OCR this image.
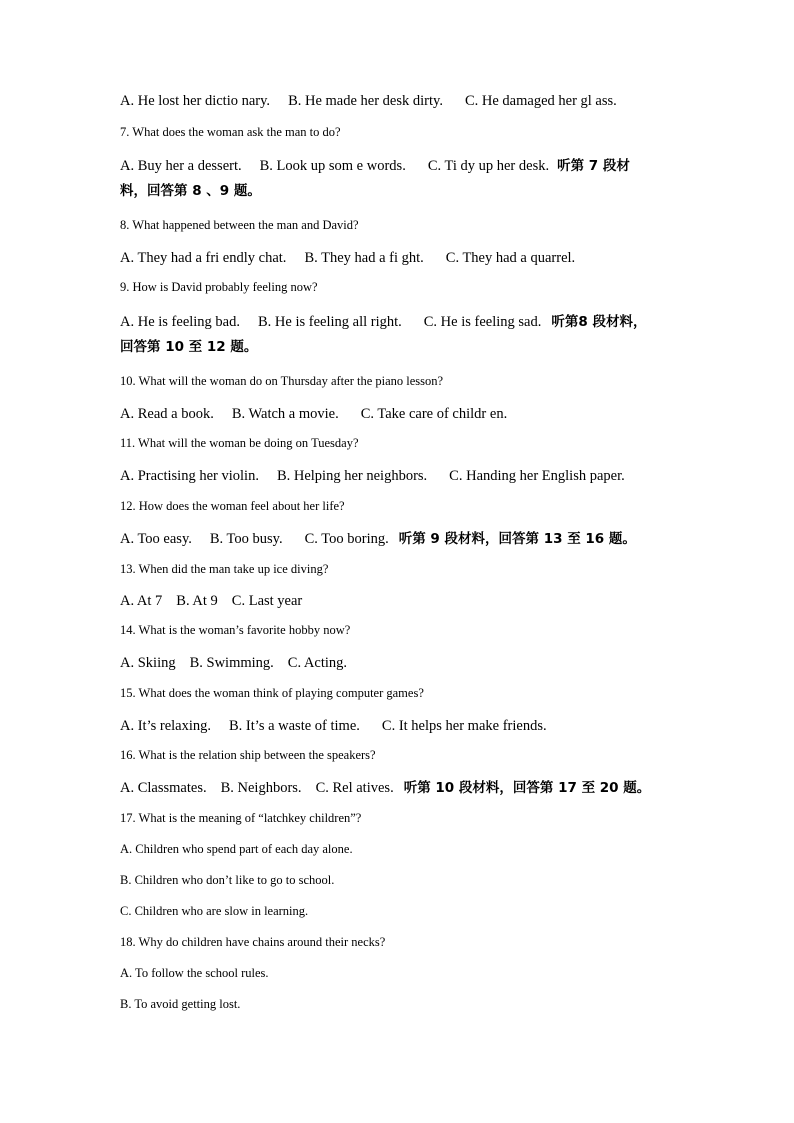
A. He lost her dictio nary. B. He made her desk dirty. C. He damaged her gl ass.
7. What does the woman ask the man to do?
A. Buy her a dessert. B. Look up som e words. C. Ti dy up her desk. 听第 7 段材
料，回答第 8 、9 题。
8. What happened between the man and David?
A. They had a fri endly chat. B. They had a fi ght. C. They had a quarrel.
9. How is David probably feeling now?
A. He is feeling bad. B. He is feeling all right. C. He is feeling sad. 听第8 段材料，
回答第 10 至 12 题。
10. What will the woman do on Thursday after the piano lesson?
A. Read a book. B. Watch a movie. C. Take care of childr en.
11. What will the woman be doing on Tuesday?
A. Practising her violin. B. Helping her neighbors. C. Handing her English paper.
12. How does the woman feel about her life?
A. Too easy. B. Too busy. C. Too boring. 听第 9 段材料，回答第 13 至 16 题。
13. When did the man take up ice diving?
A. At 7 B. At 9 C. Last year
14. What is the woman’s favorite hobby now?
A. Skiing B. Swimming. C. Acting.
15. What does the woman think of playing computer games?
A. It’s relaxing. B. It’s a waste of time. C. It helps her make friends.
16. What is the relation ship between the speakers?
A. Classmates. B. Neighbors. C. Rel atives. 听第 10 段材料，回答第 17 至 20 题。
17. What is the meaning of “latchkey children”?
A. Children who spend part of each day alone.
B. Children who don’t like to go to school.
C. Children who are slow in learning.
18. Why do children have chains around their necks?
A. To follow the school rules.
B. To avoid getting lost.
